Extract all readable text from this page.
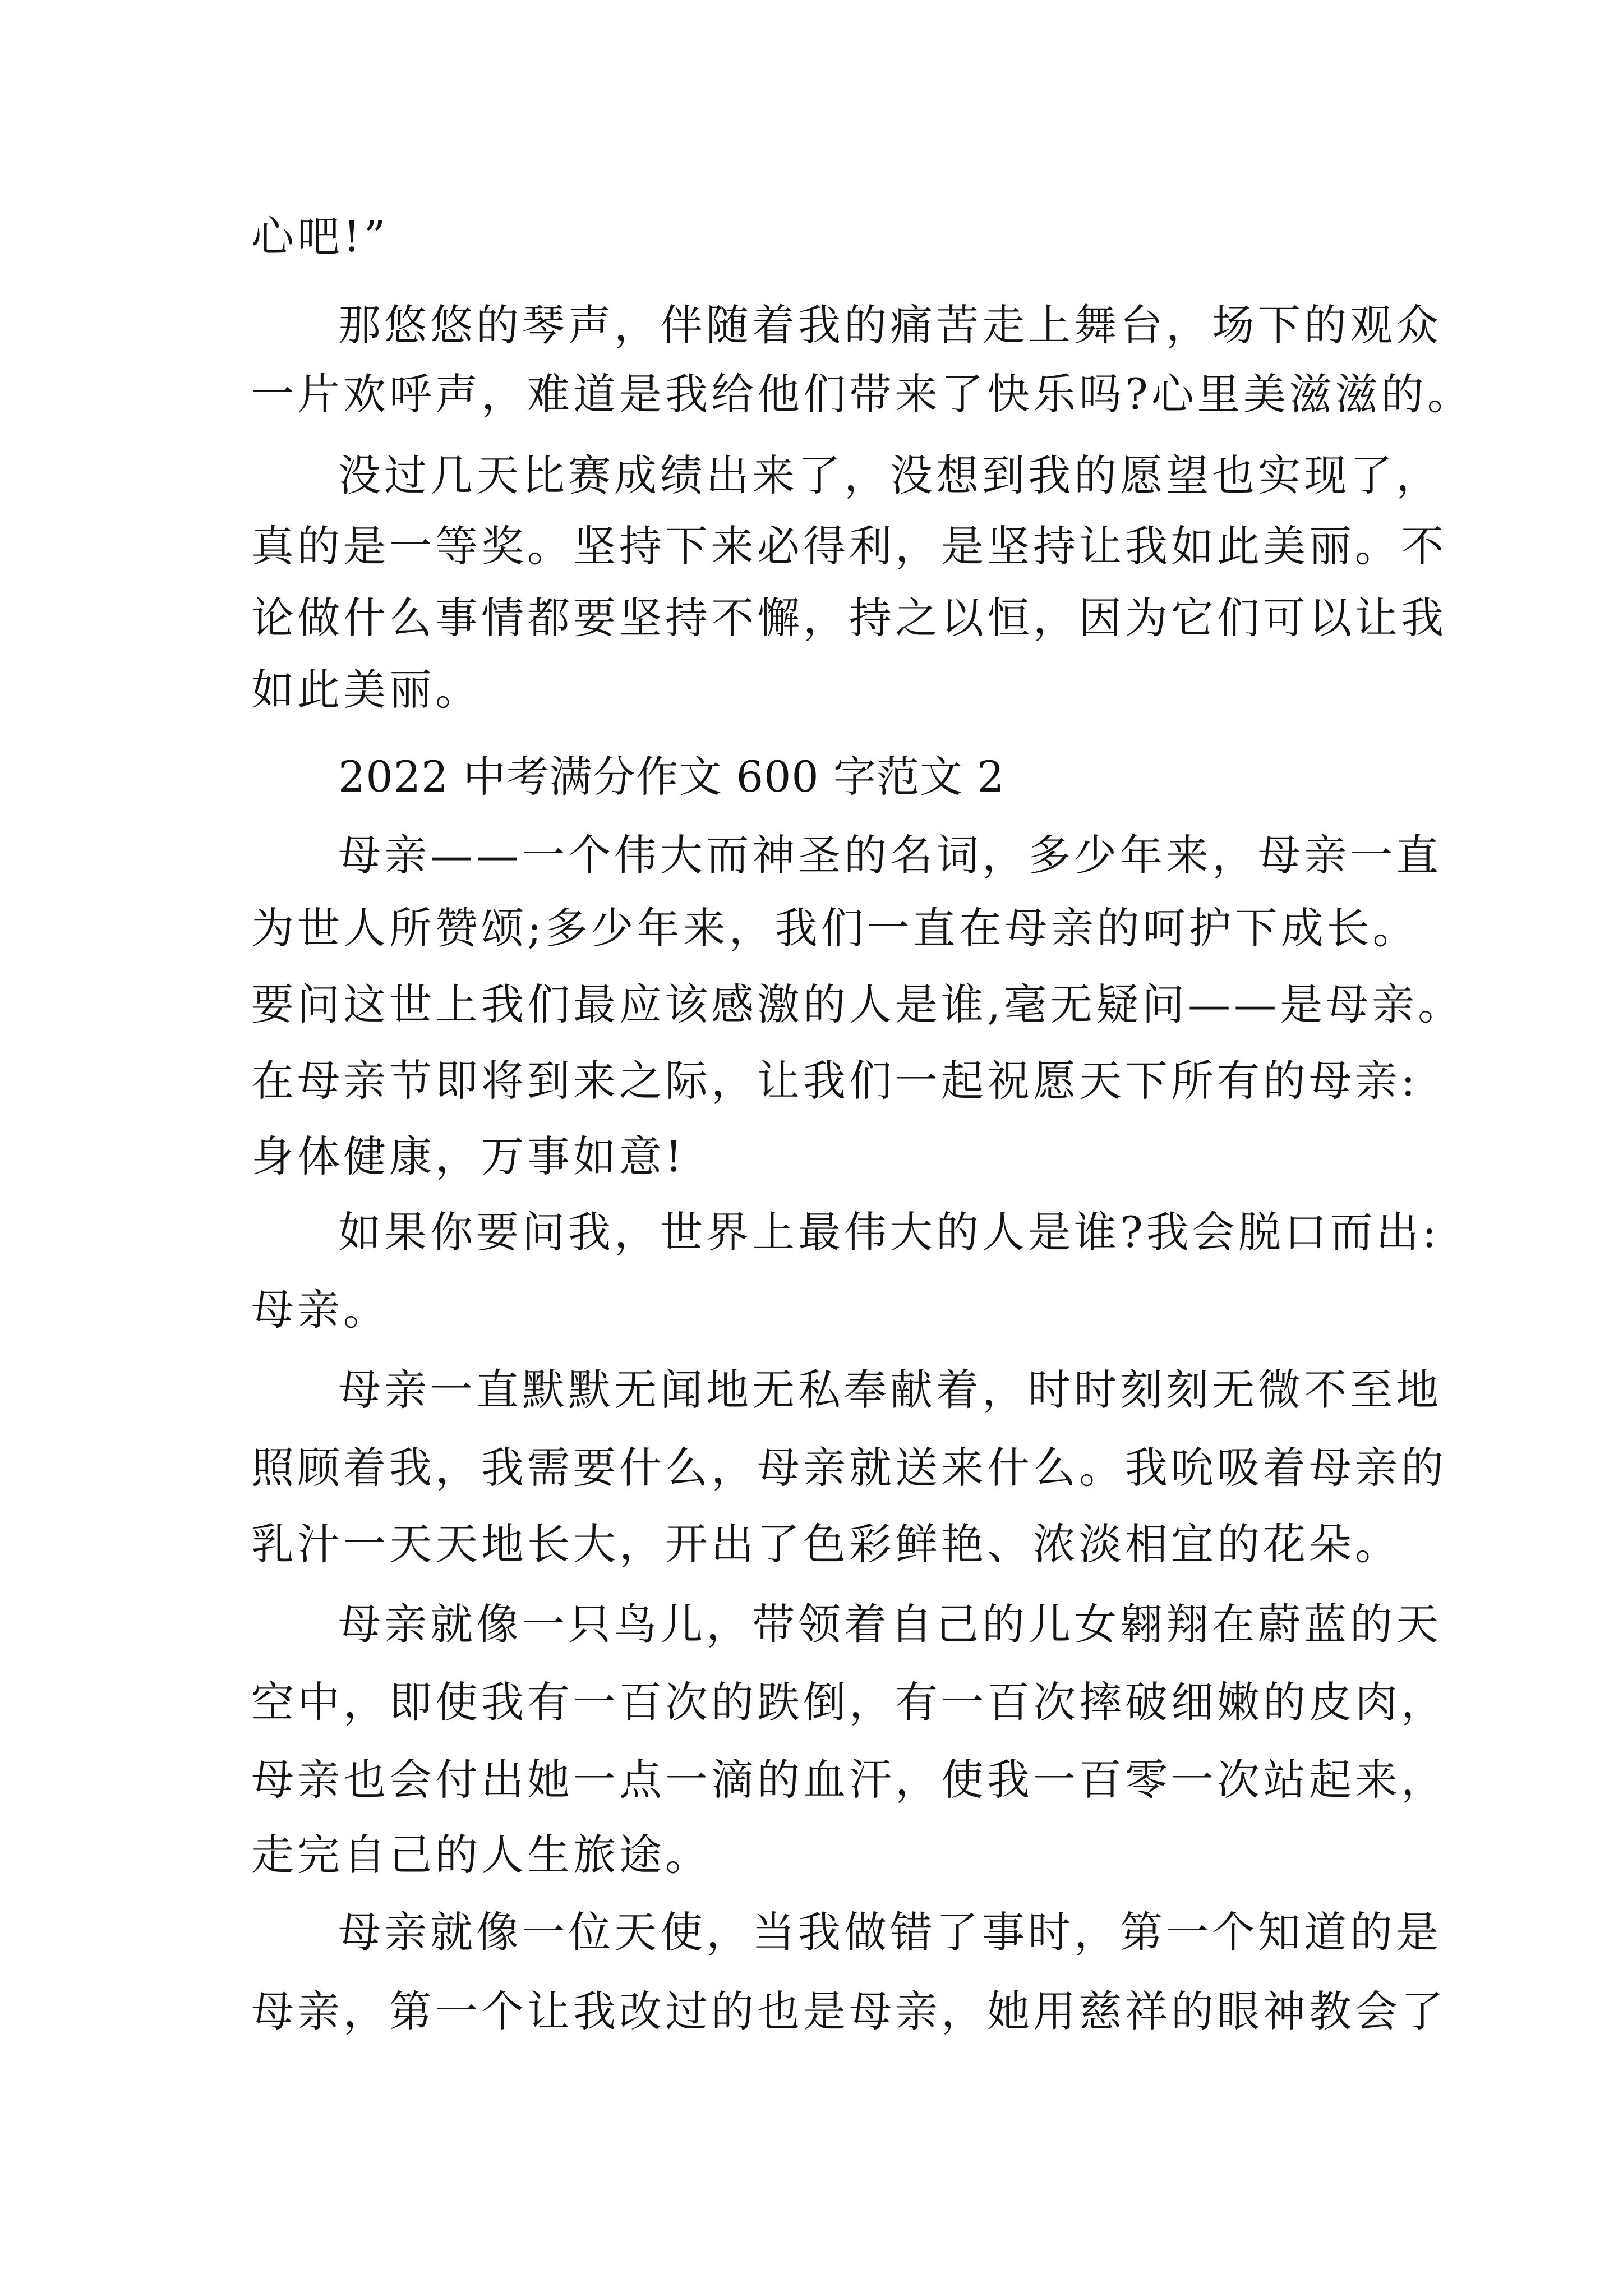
心吧!”
那悠悠的琴声，伴随着我的痛苦走上舞台，场下的观众
一片欢呼声，难道是我给他们带来了快乐吗?心里美滋滋的。
没过几天比赛成绩出来了，没想到我的愿望也实现了，
真的是一等奖。坚持下来必得利，是坚持让我如此美丽。不
论做什么事情都要坚持不懈，持之以恒，因为它们可以让我
如此美丽。
2022 中考满分作文 600 字范文 2
母亲——一个伟大而神圣的名词，多少年来，母亲一直
为世人所赞颂;多少年来，我们一直在母亲的呵护下成长。
要问这世上我们最应该感激的人是谁,毫无疑问——是母亲。
在母亲节即将到来之际，让我们一起祝愿天下所有的母亲:
身体健康，万事如意!
如果你要问我，世界上最伟大的人是谁?我会脱口而出:
母亲。
母亲一直默默无闻地无私奉献着，时时刻刻无微不至地
照顾着我，我需要什么，母亲就送来什么。我吮吸着母亲的
乳汁一天天地长大，开出了色彩鲜艳、浓淡相宜的花朵。
母亲就像一只鸟儿，带领着自己的儿女翱翔在蔚蓝的天
空中，即使我有一百次的跌倒，有一百次摔破细嫩的皮肉，
母亲也会付出她一点一滴的血汗，使我一百零一次站起来，
走完自己的人生旅途。
母亲就像一位天使，当我做错了事时，第一个知道的是
母亲，第一个让我改过的也是母亲，她用慈祥的眼神教会了
